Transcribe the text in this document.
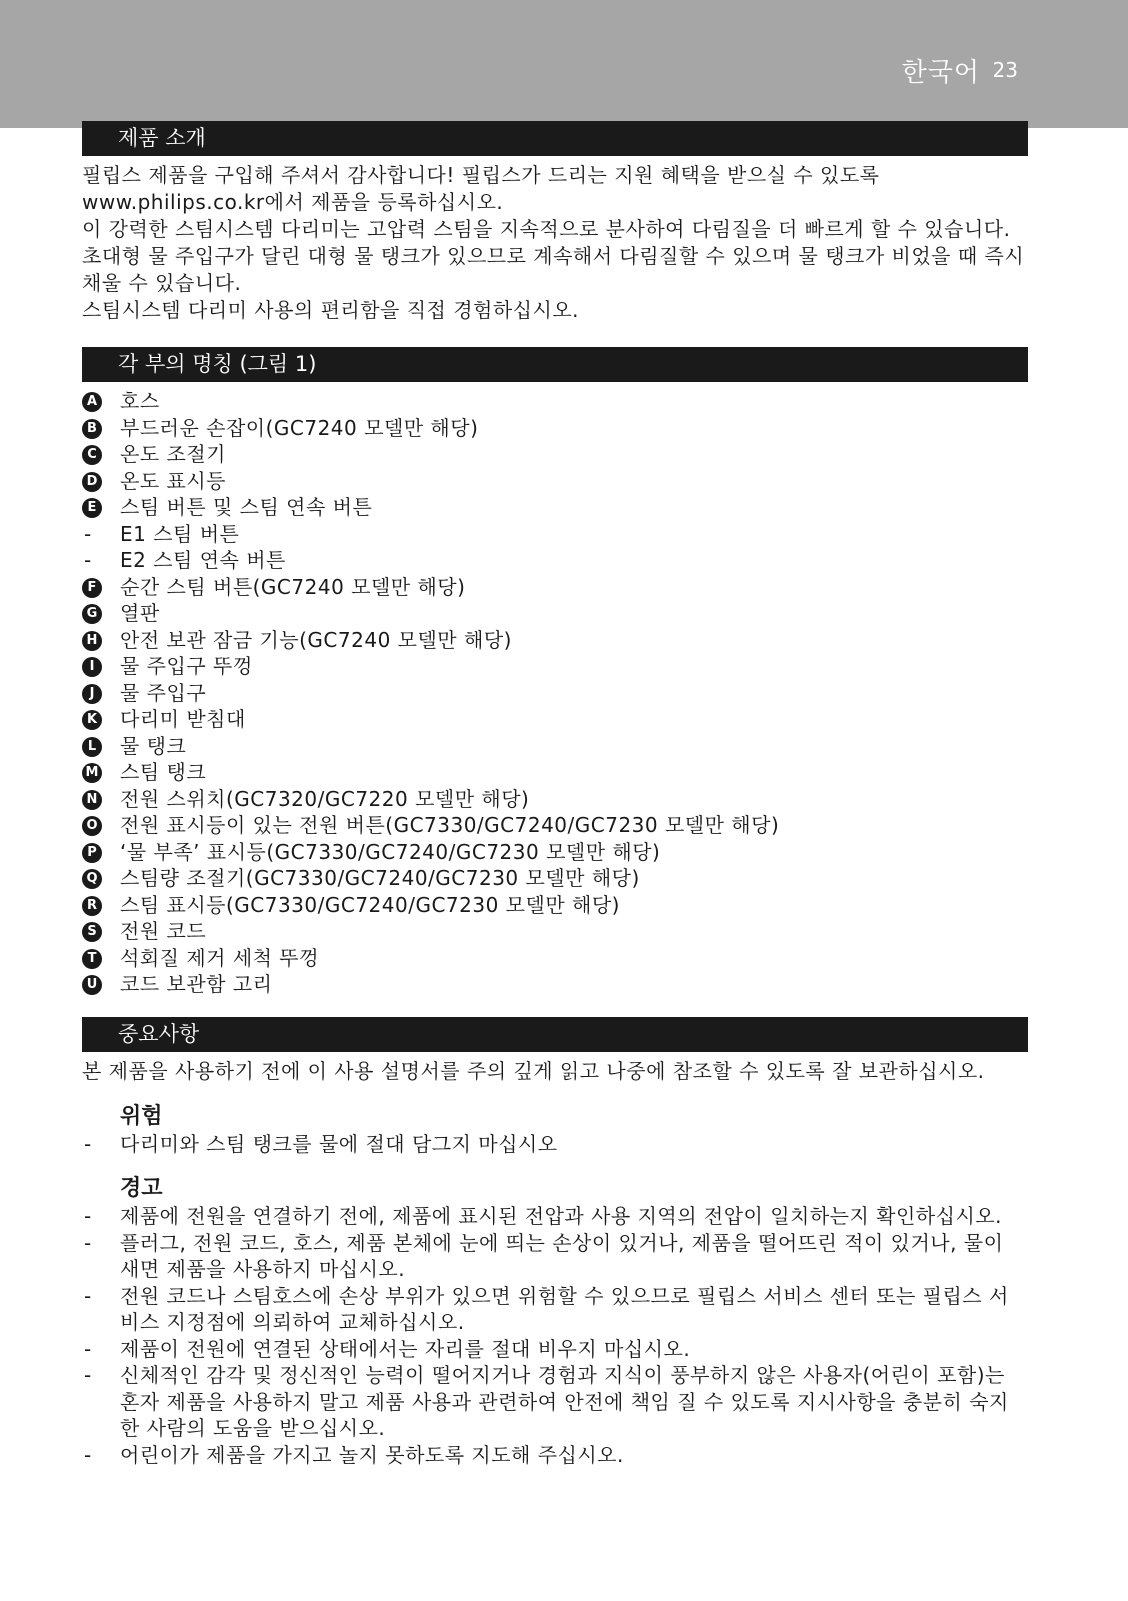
한국어 23
제품 소개

필립스 제품을 구입해 주셔서 감사합니다! 필립스가 드리는 지원 혜택을 받으실 수 있도록 www.philips.co.kr에서 제품을 등록하십시오.

이 강력한 스팀시스템 다리미는 고압력 스팀을 지속적으로 분사하여 다림질을 더 빠르게 할 수 있습니다. 초대형 물 주입구가 달린 대형 물 탱크가 있으므로 계속해서 다림질할 수 있으며 물 탱크가 비었을 때 즉시 채울 수 있습니다.

스팀시스템 다리미 사용의 편리함을 직접 경험하십시오.

각 부의 명칭 (그림 1)
A 호스
B 부드러운 손잡이(GC7240 모델만 해당)
C 온도 조절기
D 온도 표시등
E 스팀 버튼 및 스팀 연속 버튼
- E1 스팀 버튼
- E2 스팀 연속 버튼
F 순간 스팀 버튼(GC7240 모델만 해당)
G 열판
H 안전 보관 잠금 기능(GC7240 모델만 해당)
I	물 주입구 뚜껑
J	물 주입구
K 다리미 받침대
L 물 탱크
M 스팀 탱크
N 전원 스위치(GC7320/GC7220 모델만 해당)
O 전원 표시등이 있는 전원 버튼(GC7330/GC7240/GC7230 모델만 해당)
P ‘물 부족’ 표시등(GC7330/GC7240/GC7230 모델만 해당)
Q 스팀량 조절기(GC7330/GC7240/GC7230 모델만 해당)
R 스팀 표시등(GC7330/GC7240/GC7230 모델만 해당)
S 전원 코드
T 석회질 제거 세척 뚜껑
U 코드 보관함 고리
중요사항

본 제품을 사용하기 전에 이 사용 설명서를 주의 깊게 읽고 나중에 참조할 수 있도록 잘 보관하십시오.

위험
- 다리미와 스팀 탱크를 물에 절대 담그지 마십시오
경고
- 제품에 전원을 연결하기 전에, 제품에 표시된 전압과 사용 지역의 전압이 일치하는지 확인하십시오.
- 플러그, 전원 코드, 호스, 제품 본체에 눈에 띄는 손상이 있거나, 제품을 떨어뜨린 적이 있거나, 물이 새면 제품을 사용하지 마십시오.
- 전원 코드나 스팀호스에 손상 부위가 있으면 위험할 수 있으므로 필립스 서비스 센터 또는 필립스 서비스 지정점에 의뢰하여 교체하십시오.
- 제품이 전원에 연결된 상태에서는 자리를 절대 비우지 마십시오.
- 신체적인 감각 및 정신적인 능력이 떨어지거나 경험과 지식이 풍부하지 않은 사용자(어린이 포함)는 혼자 제품을 사용하지 말고 제품 사용과 관련하여 안전에 책임 질 수 있도록 지시사항을 충분히 숙지한 사람의 도움을 받으십시오.
- 어린이가 제품을 가지고 놀지 못하도록 지도해 주십시오.
